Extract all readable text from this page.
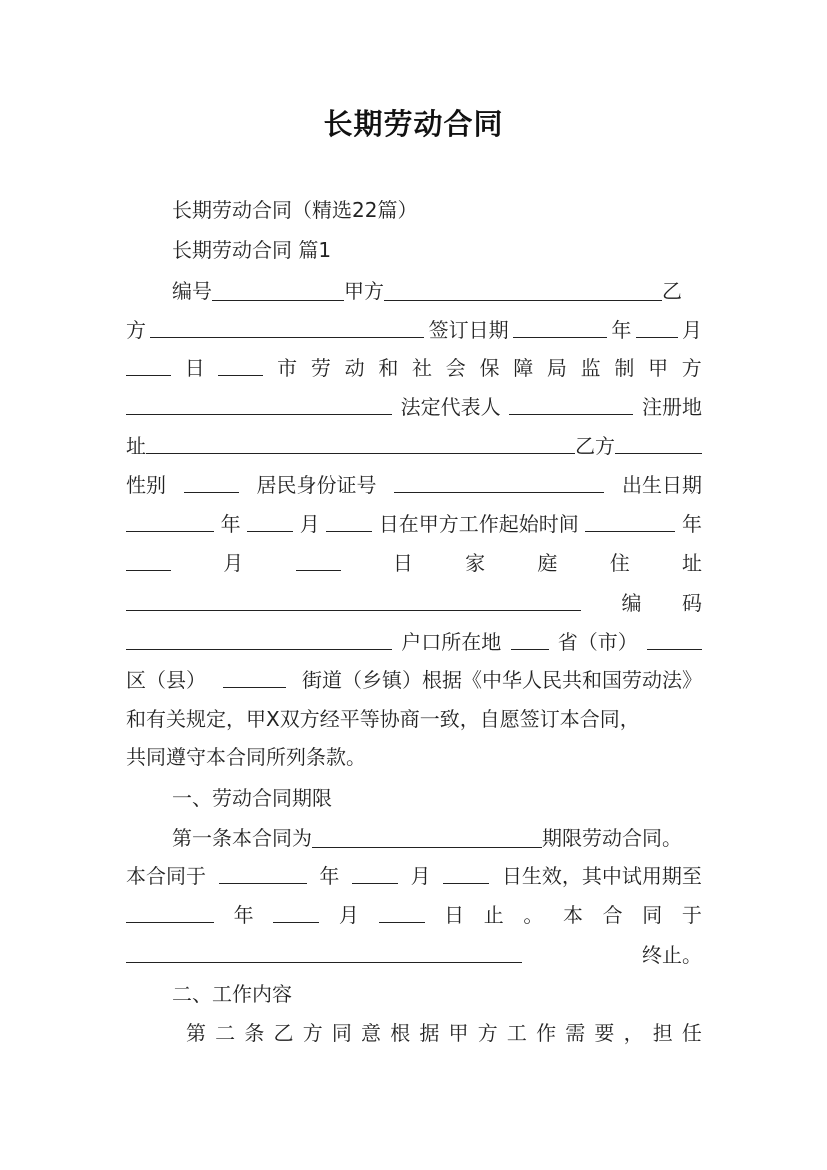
长期劳动合同
长期劳动合同（精选22篇）
长期劳动合同 篇1
编号	甲方	乙
方	签订日期	年	月
日	市 劳 动 和 社 会 保 障 局 监 制 甲 方
法定代表人	注册地
址	乙方
性别	居民身份证号	出生日期
年	月	日在甲方工作起始时间	年
月	日	家	庭	住	址
编 码
户口所在地	省（市）
区（县）	街道（乡镇）根据《中华人民共和国劳动法》
和有关规定，甲X双方经平等协商一致，自愿签订本合同，
共同遵守本合同所列条款。
一、劳动合同期限
第一条本合同为	期限劳动合同。
本合同于	年	月	日生效，其中试用期至
年	月	日 止 。 本 合 同 于
终止。
二、工作内容
第 二 条 乙 方 同 意 根 据 甲 方 工 作 需 要 ， 担 任
